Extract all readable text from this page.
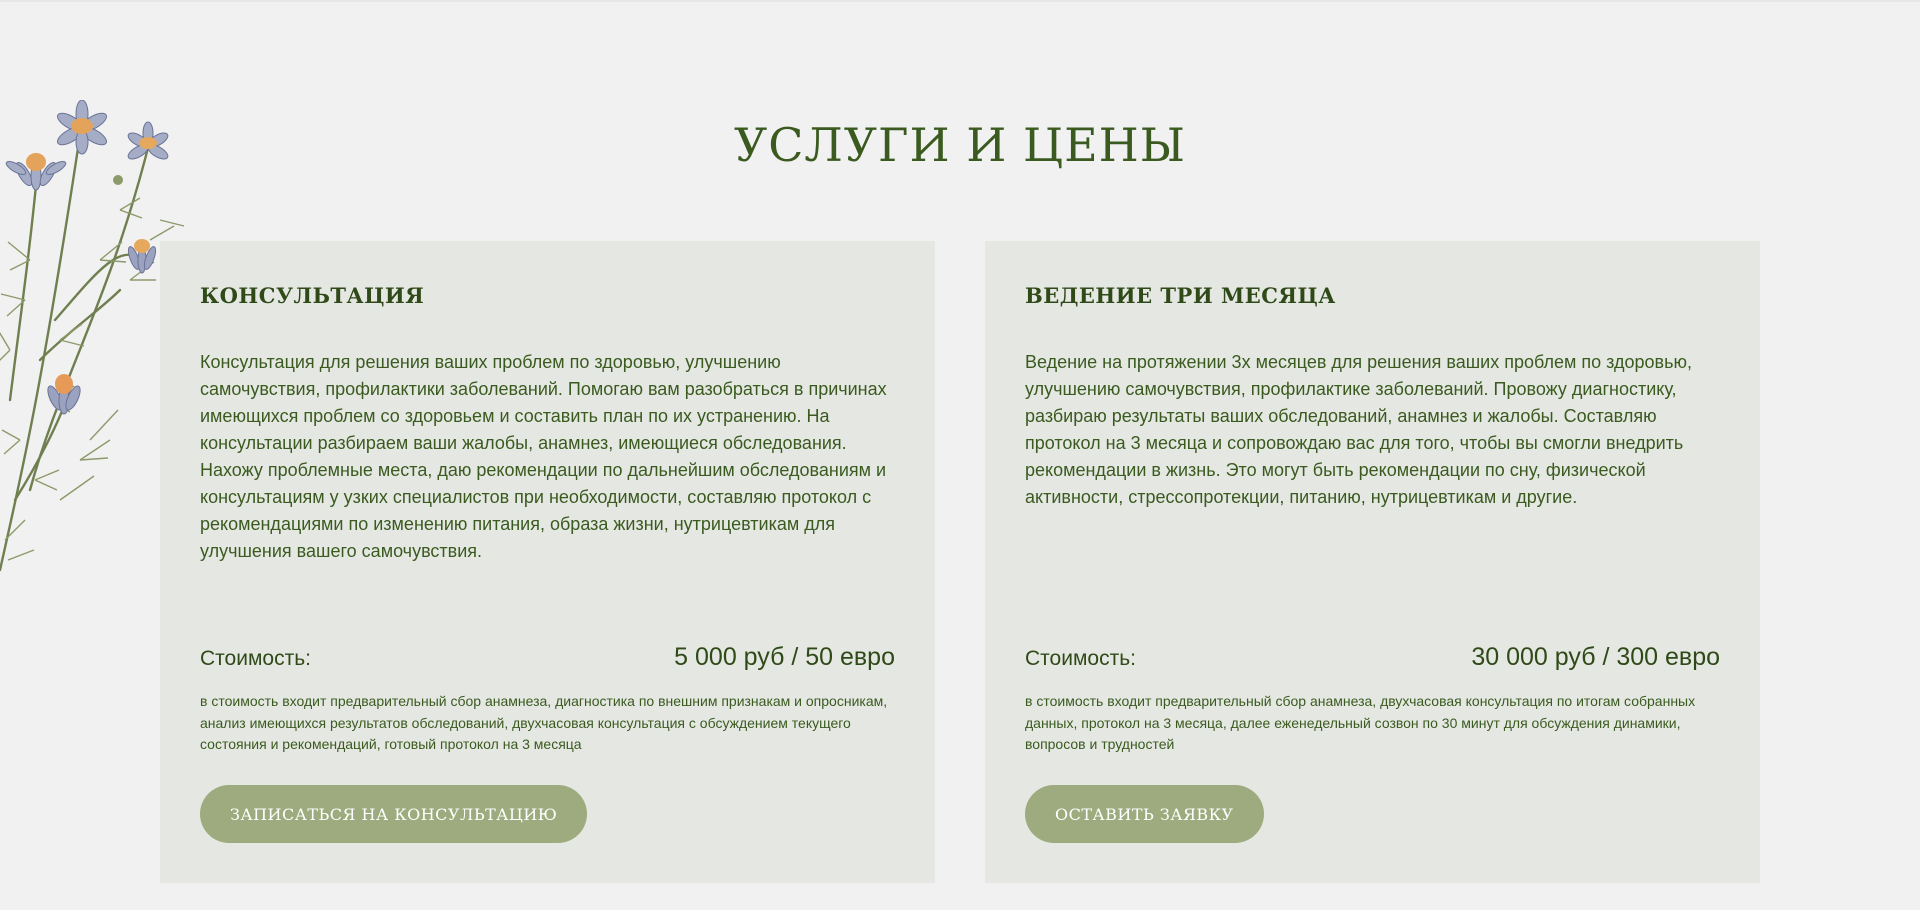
УСЛУГИ И ЦЕНЫ
КОНСУЛЬТАЦИЯ

Консультация для решения ваших проблем по здоровью, улучшению самочувствия, профилактики заболеваний. Помогаю вам разобраться в причинах имеющихся проблем со здоровьем и составить план по их устранению. На консультации разбираем ваши жалобы, анамнез, имеющиеся обследования. Нахожу проблемные места, даю рекомендации по дальнейшим обследованиям и консультациям у узких специалистов при необходимости, составляю протокол с рекомендациями по изменению питания, образа жизни, нутрицевтикам для улучшения вашего самочувствия.

Стоимость:	5 000 руб / 50 евро

в стоимость входит предварительный сбор анамнеза, диагностика по внешним признакам и опросникам, анализ имеющихся результатов обследований, двухчасовая консультация с обсуждением текущего состояния и рекомендаций, готовый протокол на 3 месяца

ЗАПИСАТЬСЯ НА КОНСУЛЬТАЦИЮ
ВЕДЕНИЕ ТРИ МЕСЯЦА

Ведение на протяжении 3х месяцев для решения ваших проблем по здоровью, улучшению самочувствия, профилактике заболеваний. Провожу диагностику, разбираю результаты ваших обследований, анамнез и жалобы. Составляю протокол на 3 месяца и сопровождаю вас для того, чтобы вы смогли внедрить рекомендации в жизнь. Это могут быть рекомендации по сну, физической активности, стрессопротекции, питанию, нутрицевтикам и другие.

Стоимость:	30 000 руб / 300 евро

в стоимость входит предварительный сбор анамнеза, двухчасовая консультация по итогам собранных данных, протокол на 3 месяца, далее еженедельный созвон по 30 минут для обсуждения динамики, вопросов и трудностей

ОСТАВИТЬ ЗАЯВКУ
